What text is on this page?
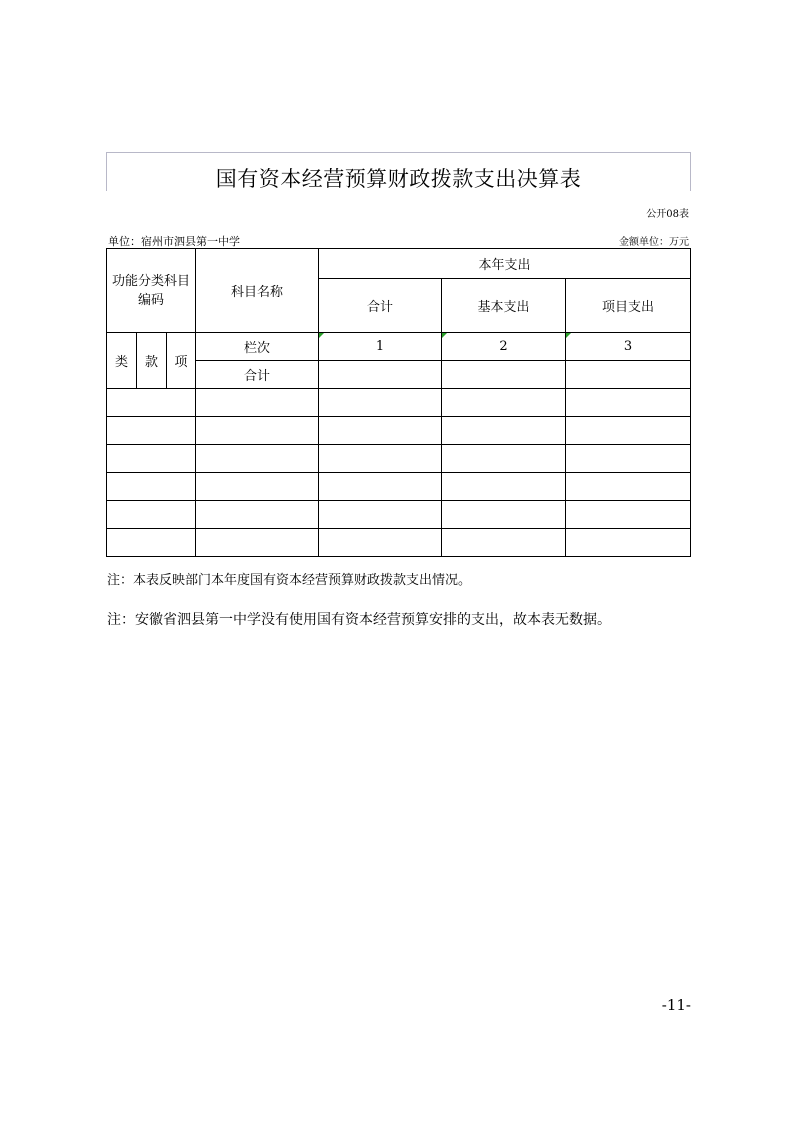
国有资本经营预算财政拨款支出决算表
公开08表
单位：宿州市泗县第一中学	金额单位：万元
功能分类科目编码			科目名称	本年支出		
				合计	基本支出	项目支出
类	款	项	栏次	1	2	3
			合计			

注：本表反映部门本年度国有资本经营预算财政拨款支出情况。
注：安徽省泗县第一中学没有使用国有资本经营预算安排的支出，故本表无数据。
-11-
